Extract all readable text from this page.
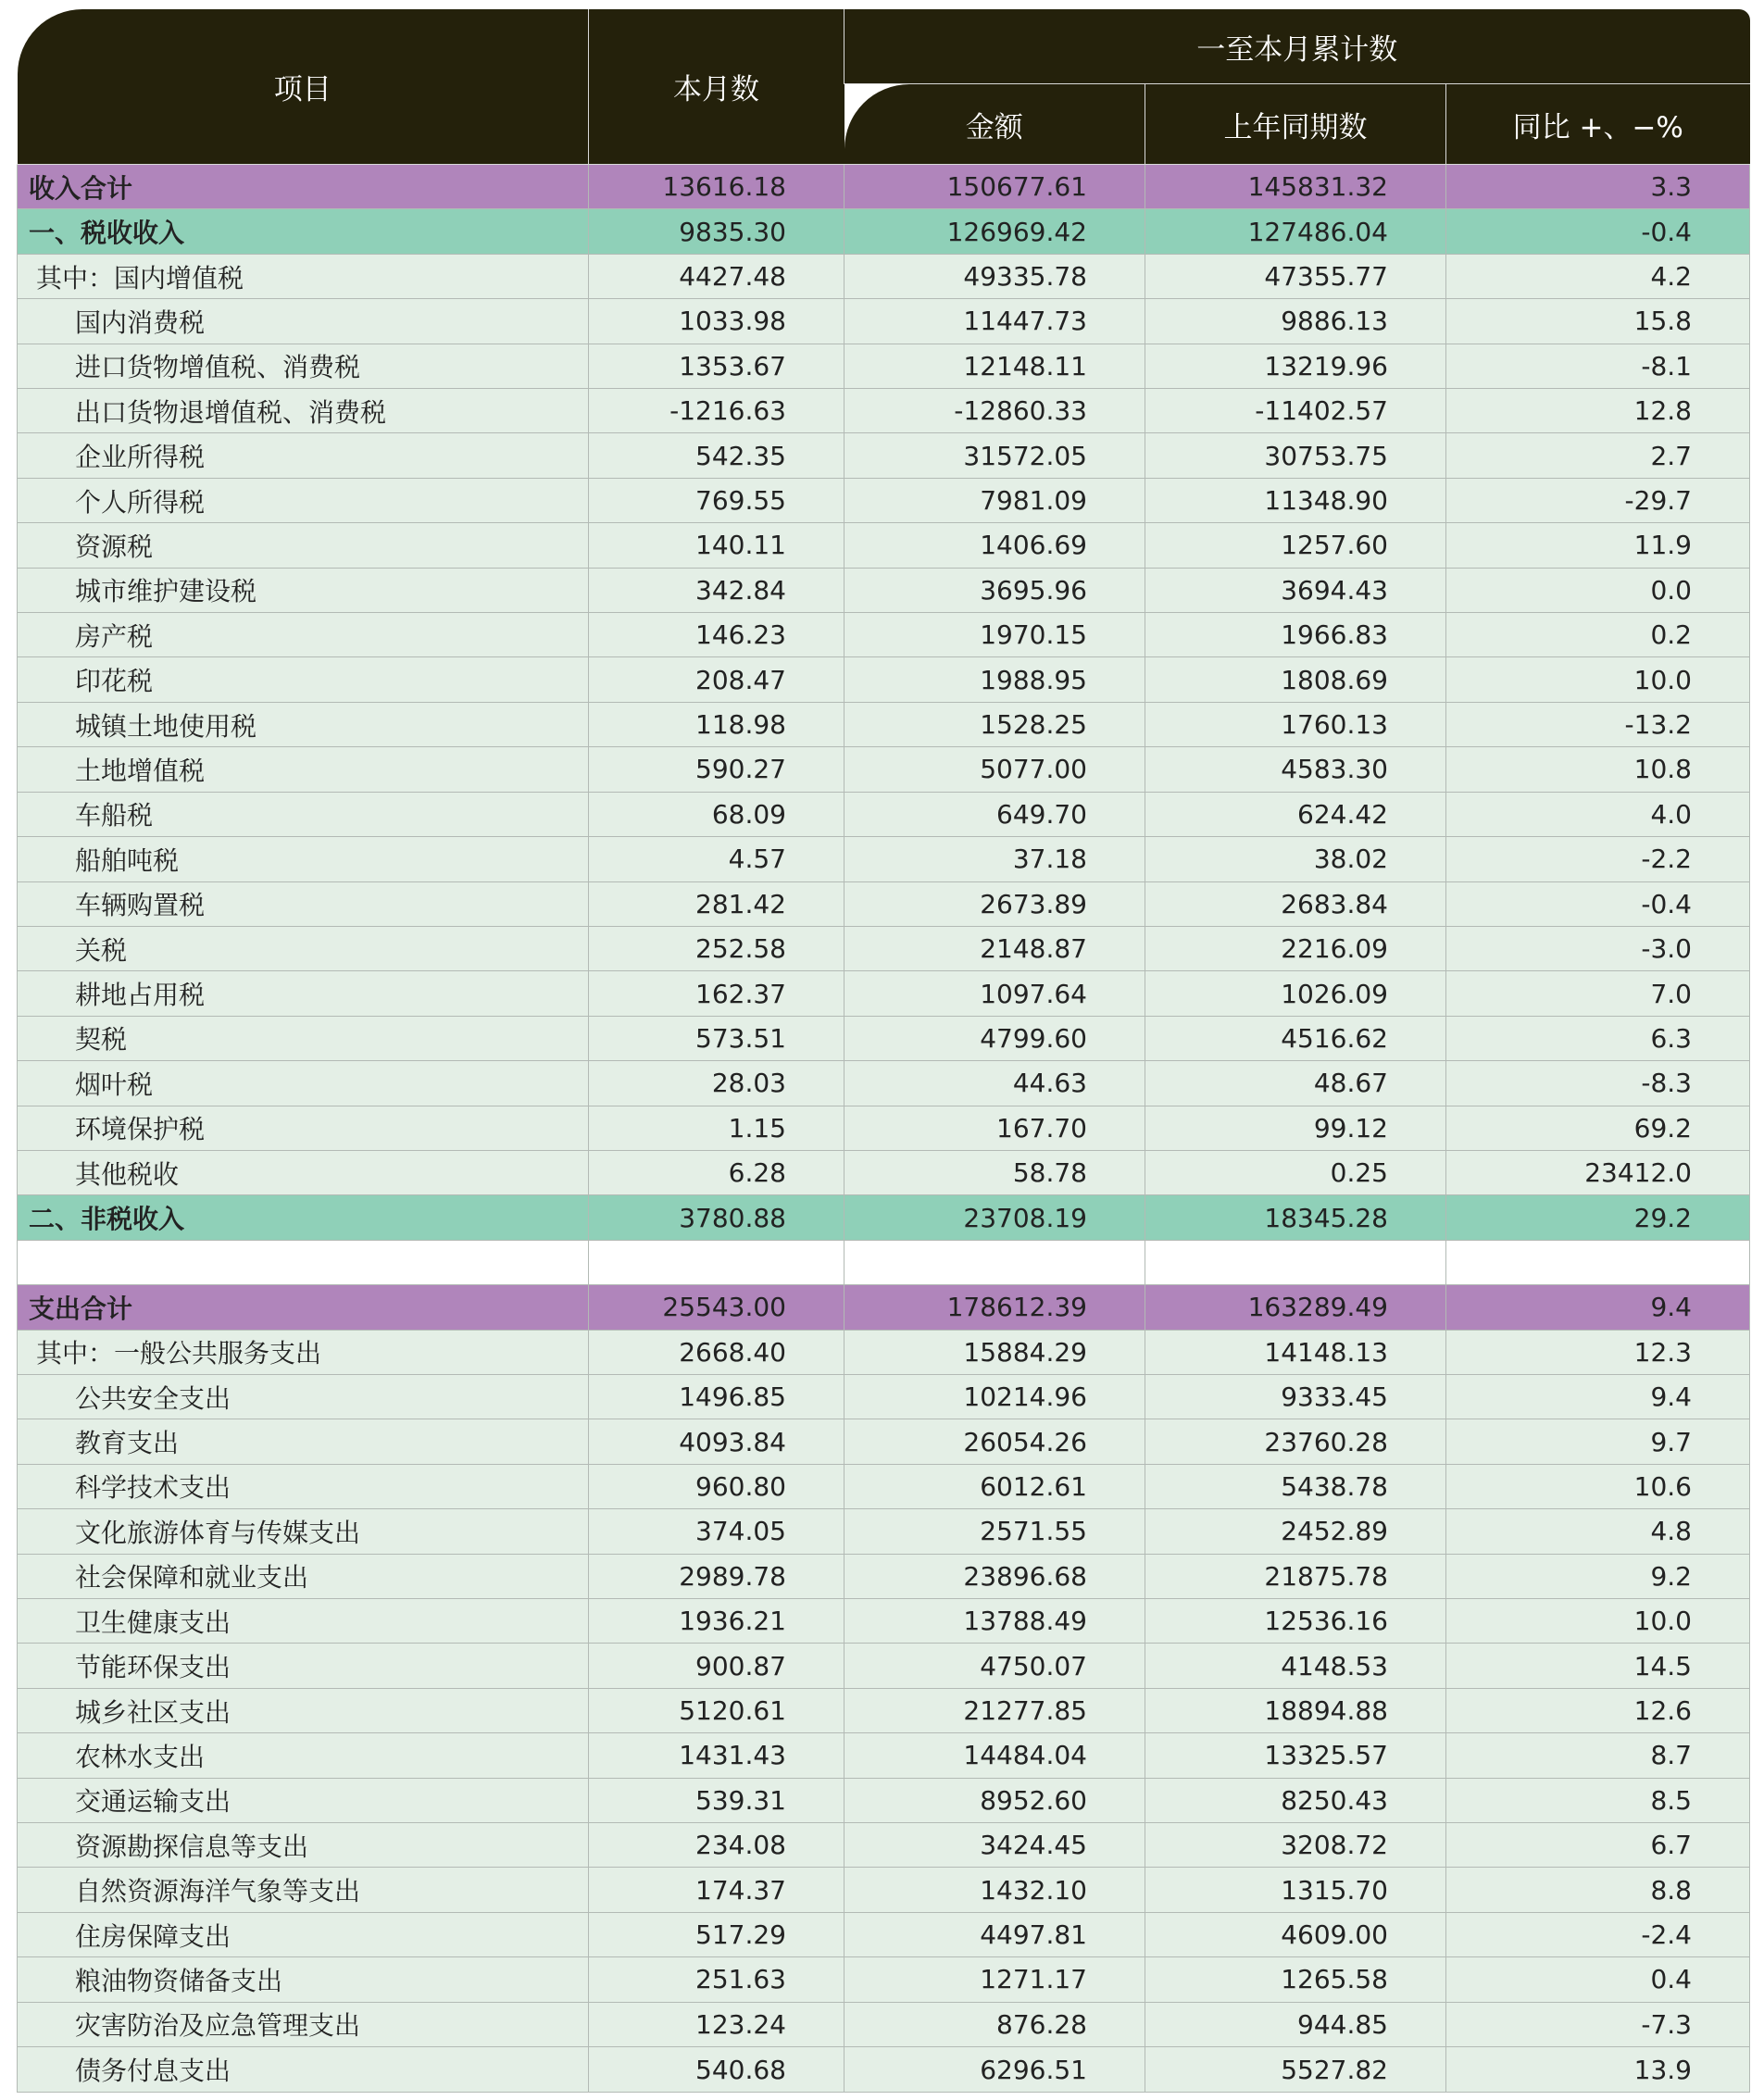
项目	本月数	一至本月累计数		
		金额	上年同期数	同比 +、−%
收入合计	13616.18	150677.61	145831.32	3.3
一、税收收入	9835.30	126969.42	127486.04	-0.4
其中：国内增值税	4427.48	49335.78	47355.77	4.2
国内消费税	1033.98	11447.73	9886.13	15.8
进口货物增值税、消费税	1353.67	12148.11	13219.96	-8.1
出口货物退增值税、消费税	-1216.63	-12860.33	-11402.57	12.8
企业所得税	542.35	31572.05	30753.75	2.7
个人所得税	769.55	7981.09	11348.90	-29.7
资源税	140.11	1406.69	1257.60	11.9
城市维护建设税	342.84	3695.96	3694.43	0.0
房产税	146.23	1970.15	1966.83	0.2
印花税	208.47	1988.95	1808.69	10.0
城镇土地使用税	118.98	1528.25	1760.13	-13.2
土地增值税	590.27	5077.00	4583.30	10.8
车船税	68.09	649.70	624.42	4.0
船舶吨税	4.57	37.18	38.02	-2.2
车辆购置税	281.42	2673.89	2683.84	-0.4
关税	252.58	2148.87	2216.09	-3.0
耕地占用税	162.37	1097.64	1026.09	7.0
契税	573.51	4799.60	4516.62	6.3
烟叶税	28.03	44.63	48.67	-8.3
环境保护税	1.15	167.70	99.12	69.2
其他税收	6.28	58.78	0.25	23412.0
二、非税收入	3780.88	23708.19	18345.28	29.2

支出合计	25543.00	178612.39	163289.49	9.4
其中：一般公共服务支出	2668.40	15884.29	14148.13	12.3
公共安全支出	1496.85	10214.96	9333.45	9.4
教育支出	4093.84	26054.26	23760.28	9.7
科学技术支出	960.80	6012.61	5438.78	10.6
文化旅游体育与传媒支出	374.05	2571.55	2452.89	4.8
社会保障和就业支出	2989.78	23896.68	21875.78	9.2
卫生健康支出	1936.21	13788.49	12536.16	10.0
节能环保支出	900.87	4750.07	4148.53	14.5
城乡社区支出	5120.61	21277.85	18894.88	12.6
农林水支出	1431.43	14484.04	13325.57	8.7
交通运输支出	539.31	8952.60	8250.43	8.5
资源勘探信息等支出	234.08	3424.45	3208.72	6.7
自然资源海洋气象等支出	174.37	1432.10	1315.70	8.8
住房保障支出	517.29	4497.81	4609.00	-2.4
粮油物资储备支出	251.63	1271.17	1265.58	0.4
灾害防治及应急管理支出	123.24	876.28	944.85	-7.3
债务付息支出	540.68	6296.51	5527.82	13.9
